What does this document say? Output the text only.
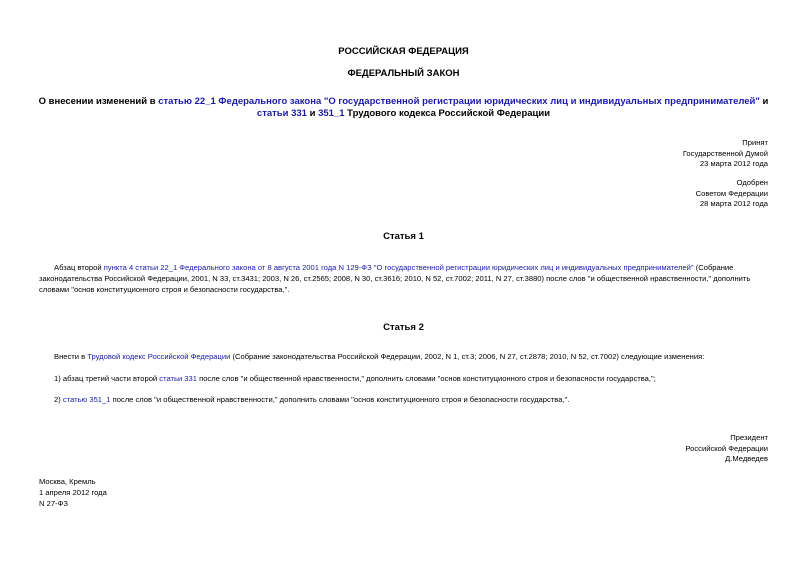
РОССИЙСКАЯ ФЕДЕРАЦИЯ
ФЕДЕРАЛЬНЫЙ ЗАКОН
О внесении изменений в статью 22_1 Федерального закона "О государственной регистрации юридических лиц и индивидуальных предпринимателей" и статьи 331 и 351_1 Трудового кодекса Российской Федерации
Принят
Государственной Думой
23 марта 2012 года
Одобрен
Советом Федерации
28 марта 2012 года
Статья 1
Абзац второй пункта 4 статьи 22_1 Федерального закона от 8 августа 2001 года N 129-ФЗ "О государственной регистрации юридических лиц и индивидуальных предпринимателей" (Собрание законодательства Российской Федерации, 2001, N 33, ст.3431; 2003, N 26, ст.2565; 2008, N 30, ст.3616; 2010, N 52, ст.7002; 2011, N 27, ст.3880) после слов "и общественной нравственности," дополнить словами "основ конституционного строя и безопасности государства,".
Статья 2
Внести в Трудовой кодекс Российской Федерации (Собрание законодательства Российской Федерации, 2002, N 1, ст.3; 2006, N 27, ст.2878; 2010, N 52, ст.7002) следующие изменения:
1) абзац третий части второй статьи 331 после слов "и общественной нравственности," дополнить словами "основ конституционного строя и безопасности государства,";
2) статью 351_1 после слов "и общественной нравственности," дополнить словами "основ конституционного строя и безопасности государства,".
Президент
Российской Федерации
Д.Медведев
Москва, Кремль
1 апреля 2012 года
N 27-ФЗ
